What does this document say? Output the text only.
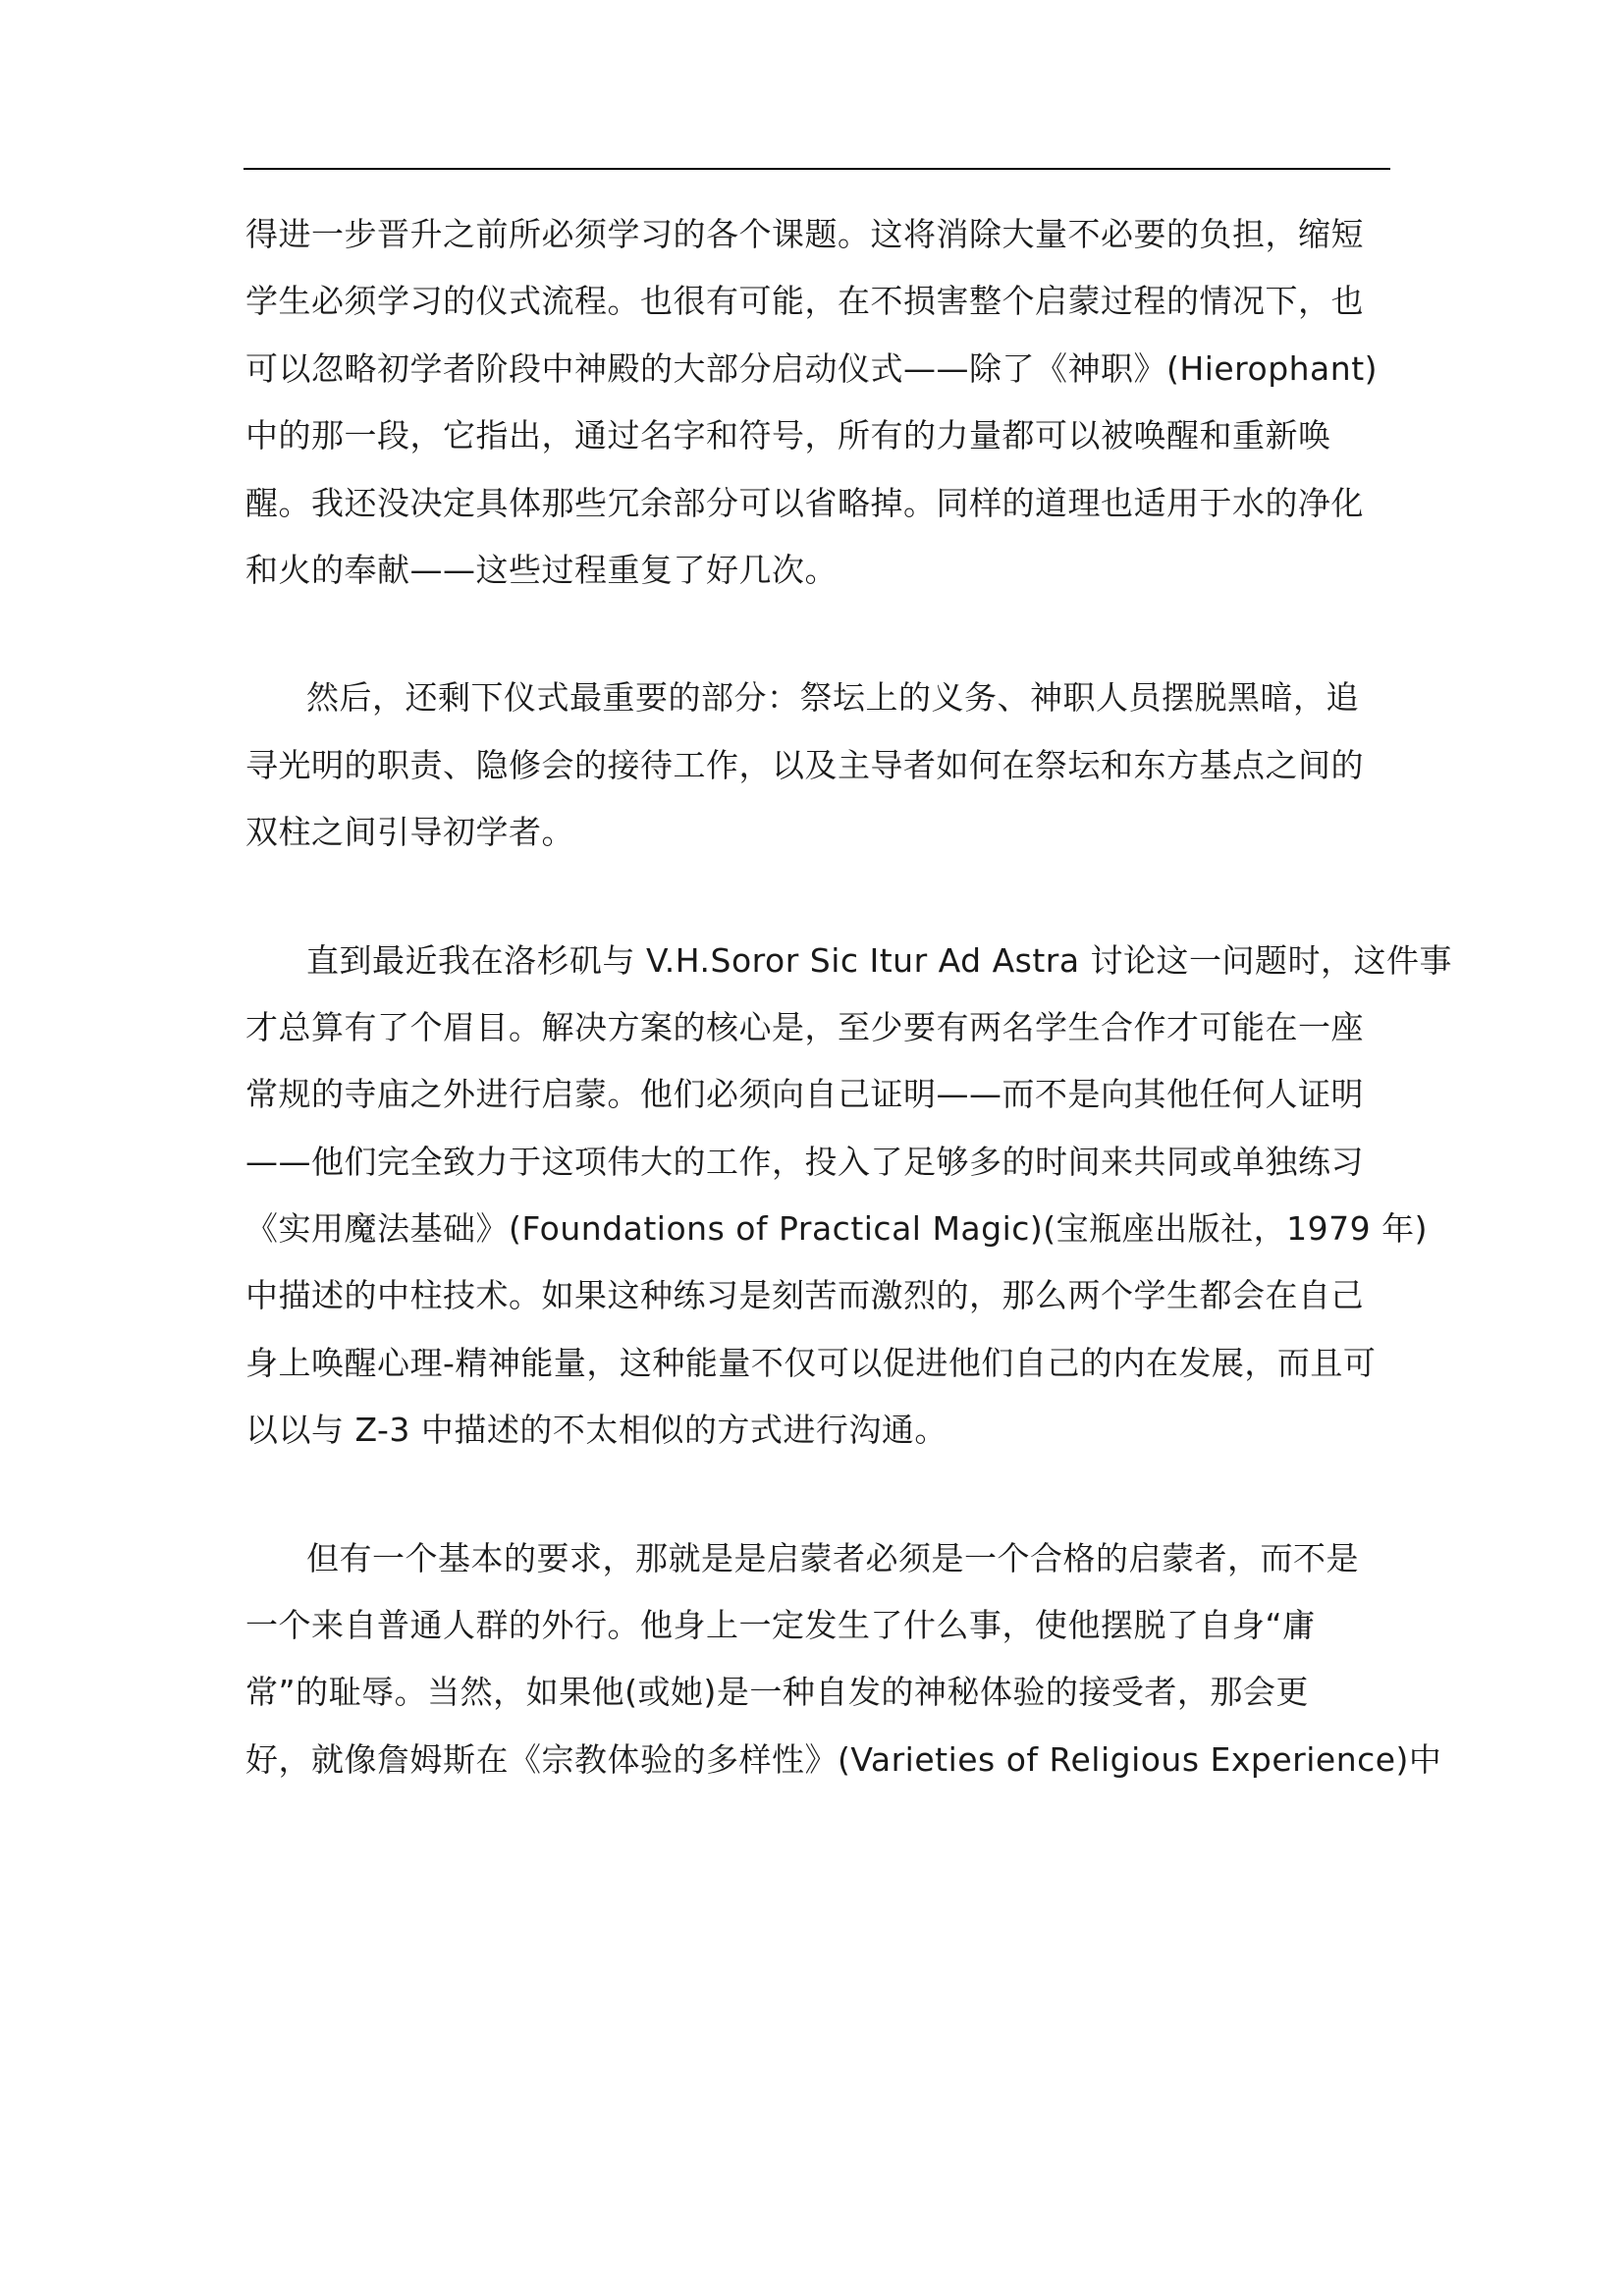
得进一步晋升之前所必须学习的各个课题。这将消除大量不必要的负担，缩短
学生必须学习的仪式流程。也很有可能，在不损害整个启蒙过程的情况下，也
可以忽略初学者阶段中神殿的大部分启动仪式——除了《神职》(Hierophant)
中的那一段，它指出，通过名字和符号，所有的力量都可以被唤醒和重新唤
醒。我还没决定具体那些冗余部分可以省略掉。同样的道理也适用于水的净化
和火的奉献——这些过程重复了好几次。
然后，还剩下仪式最重要的部分：祭坛上的义务、神职人员摆脱黑暗，追
寻光明的职责、隐修会的接待工作，以及主导者如何在祭坛和东方基点之间的
双柱之间引导初学者。
直到最近我在洛杉矶与 V.H.Soror Sic Itur Ad Astra 讨论这一问题时，这件事
才总算有了个眉目。解决方案的核心是，至少要有两名学生合作才可能在一座
常规的寺庙之外进行启蒙。他们必须向自己证明——而不是向其他任何人证明
——他们完全致力于这项伟大的工作，投入了足够多的时间来共同或单独练习
《实用魔法基础》(Foundations of Practical Magic)(宝瓶座出版社，1979 年)
中描述的中柱技术。如果这种练习是刻苦而激烈的，那么两个学生都会在自己
身上唤醒心理-精神能量，这种能量不仅可以促进他们自己的内在发展，而且可
以以与 Z-3 中描述的不太相似的方式进行沟通。
但有一个基本的要求，那就是是启蒙者必须是一个合格的启蒙者，而不是
一个来自普通人群的外行。他身上一定发生了什么事，使他摆脱了自身“庸
常”的耻辱。当然，如果他(或她)是一种自发的神秘体验的接受者，那会更
好，就像詹姆斯在《宗教体验的多样性》(Varieties of Religious Experience)中
